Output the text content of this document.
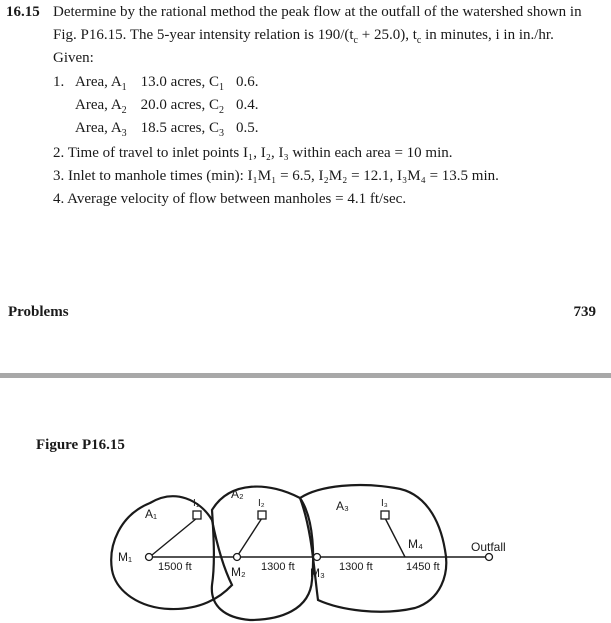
16.15 Determine by the rational method the peak flow at the outfall of the watershed shown in
Fig. P16.15. The 5-year intensity relation is $190/(t_c + 25.0)$, $t_c$ in minutes, i in in./hr.
Given:
1. Area, $A_1$ 13.0 acres, $C_1$ 0.6.
Area, $A_2$ 20.0 acres, $C_2$ 0.4.
Area, $A_3$ 18.5 acres, $C_3$ 0.5.
2. Time of travel to inlet points I₁, I₂, I₃ within each area = 10 min.
3. Inlet to manhole times (min): I₁M₁ = 6.5, I₂M₂ = 12.1, I₃M₄ = 13.5 min.
4. Average velocity of flow between manholes = 4.1 ft/sec.
Problems	739
Figure P16.15
A₁
A₂
A₃
I₁	I₂	I₃
M₁
M₂	M₃
M₄	Outfall
1500 ft	1300 ft	1300 ft	1450 ft
